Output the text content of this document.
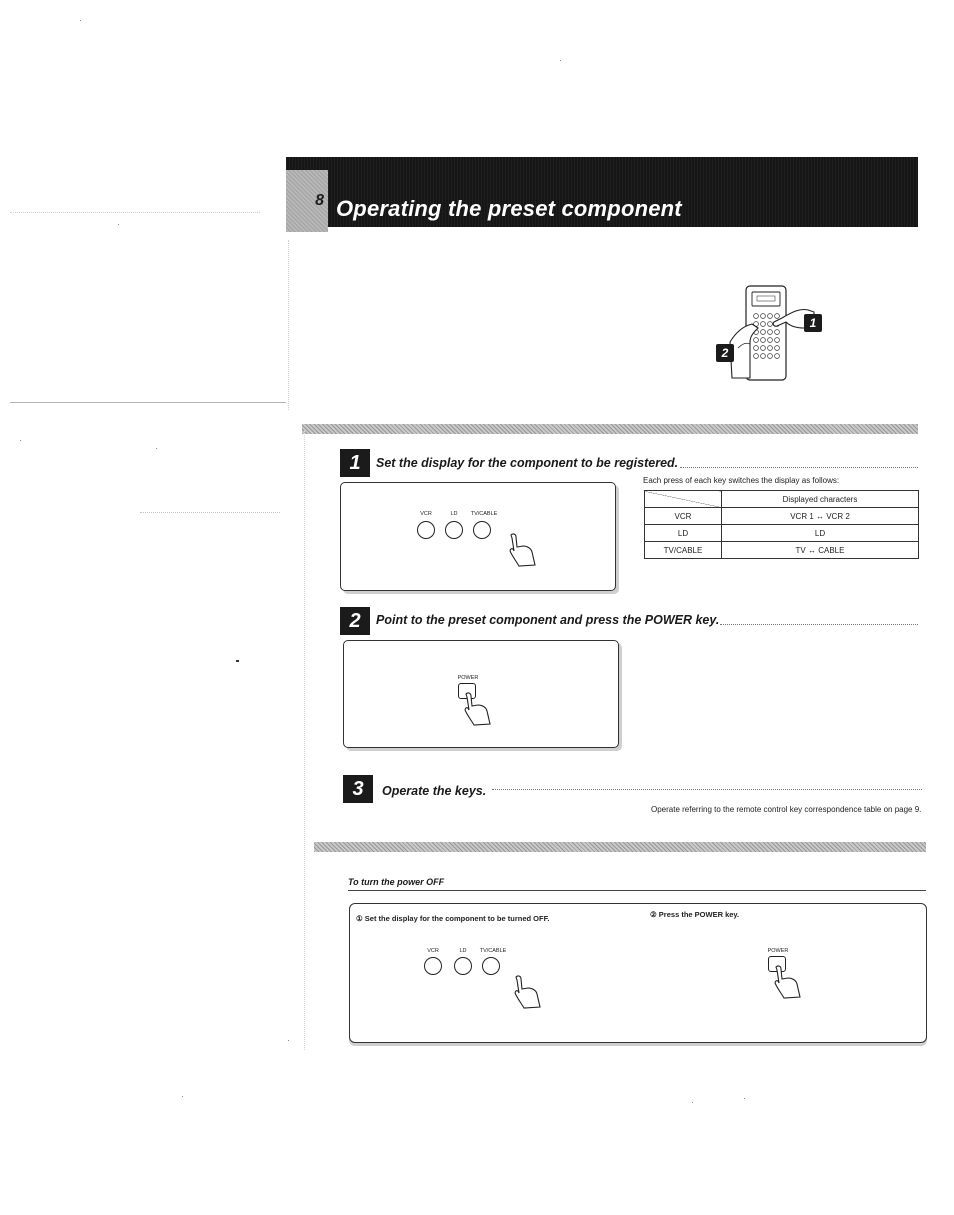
8 Operating the preset component
1
2
1 Set the display for the component to be registered.
VCR	LD	TV/CABLE
Each press of each key switches the display as follows:
	Displayed characters
VCR	VCR 1 ↔ VCR 2
LD	LD
TV/CABLE	TV ↔ CABLE
2 Point to the preset component and press the POWER key.
POWER
3 Operate the keys.
Operate referring to the remote control key correspondence table on page 9.
To turn the power OFF
① Set the display for the component to be turned OFF.	② Press the POWER key.
VCR	LD	TV/CABLE	POWER
